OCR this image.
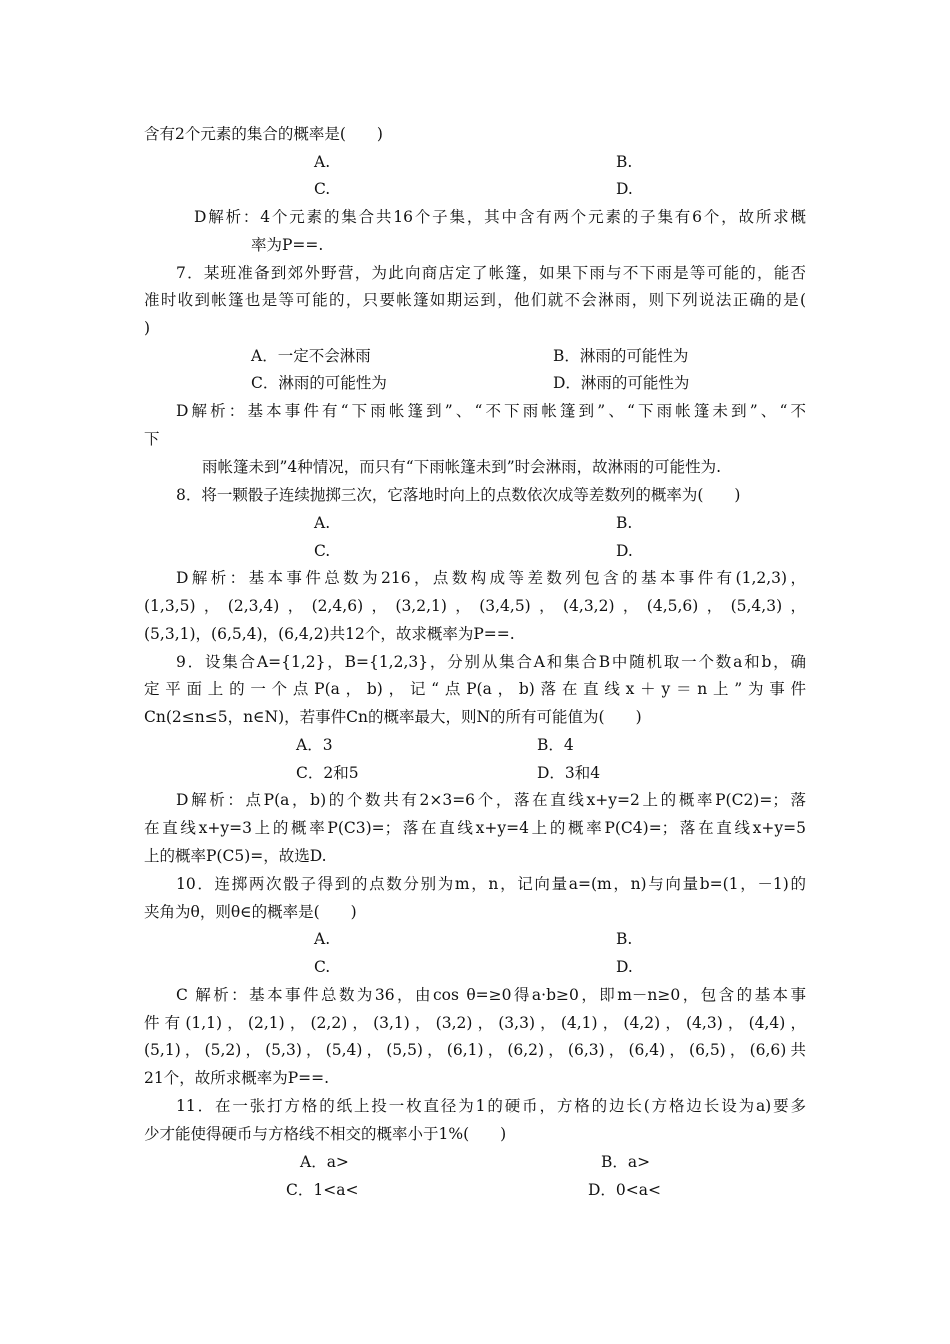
含有2个元素的集合的概率是(　　)
A.	B.
C.	D.
D解析：4个元素的集合共16个子集，其中含有两个元素的子集有6个，故所求概
率为P==.
7．某班准备到郊外野营，为此向商店定了帐篷，如果下雨与不下雨是等可能的，能否
准时收到帐篷也是等可能的，只要帐篷如期运到，他们就不会淋雨，则下列说法正确的是(
)
A．一定不会淋雨	B．淋雨的可能性为
C．淋雨的可能性为	D．淋雨的可能性为
D解析：基本事件有“下雨帐篷到”、“不下雨帐篷到”、“下雨帐篷未到”、“不
下
雨帐篷未到”4种情况，而只有“下雨帐篷未到”时会淋雨，故淋雨的可能性为.
8．将一颗骰子连续抛掷三次，它落地时向上的点数依次成等差数列的概率为(　　)
A.	B.
C.	D.
D解析：基本事件总数为216，点数构成等差数列包含的基本事件有(1,2,3)，
(1,3,5)，(2,3,4)，(2,4,6)，(3,2,1)，(3,4,5)，(4,3,2)，(4,5,6)，(5,4,3)，
(5,3,1)，(6,5,4)，(6,4,2)共12个，故求概率为P==.
9．设集合A={1,2}，B={1,2,3}，分别从集合A和集合B中随机取一个数a和b，确
定平面上的一个点P(a，b)，记“点P(a，b)落在直线x＋y＝n上”为事件
Cn(2≤n≤5，n∈N)，若事件Cn的概率最大，则N的所有可能值为(　　)
A．3	B．4
C．2和5	D．3和4
D解析：点P(a，b)的个数共有2×3=6个，落在直线x+y=2上的概率P(C2)=；落
在直线x+y=3上的概率P(C3)=；落在直线x+y=4上的概率P(C4)=；落在直线x+y=5
上的概率P(C5)=，故选D.
10．连掷两次骰子得到的点数分别为m，n，记向量a=(m，n)与向量b=(1，－1)的
夹角为θ，则θ∈的概率是(　　)
A.	B.
C.	D.
C 解析：基本事件总数为36，由cos θ=≥0得a·b≥0，即m－n≥0，包含的基本事
件有(1,1)，(2,1)，(2,2)，(3,1)，(3,2)，(3,3)，(4,1)，(4,2)，(4,3)，(4,4)，
(5,1)，(5,2)，(5,3)，(5,4)，(5,5)，(6,1)，(6,2)，(6,3)，(6,4)，(6,5)，(6,6)共
21个，故所求概率为P==.
11．在一张打方格的纸上投一枚直径为1的硬币，方格的边长(方格边长设为a)要多
少才能使得硬币与方格线不相交的概率小于1%(　　)
A．a>	B．a>
C．1<a<	D．0<a<
